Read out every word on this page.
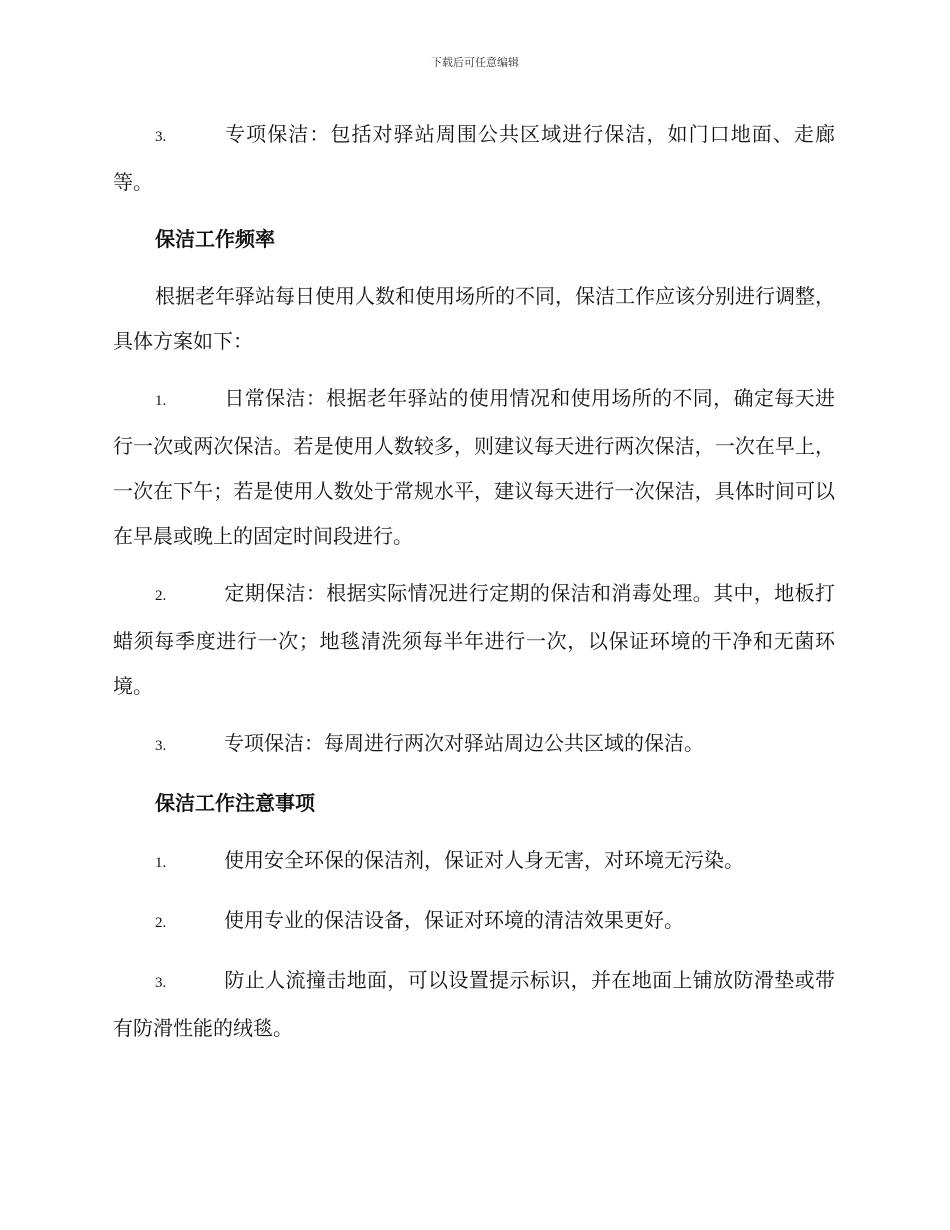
下载后可任意编辑

3.	专项保洁：包括对驿站周围公共区域进行保洁，如门口地面、走廊等。

保洁工作频率

根据老年驿站每日使用人数和使用场所的不同，保洁工作应该分别进行调整，具体方案如下：

1.	日常保洁：根据老年驿站的使用情况和使用场所的不同，确定每天进行一次或两次保洁。若是使用人数较多，则建议每天进行两次保洁，一次在早上，一次在下午；若是使用人数处于常规水平，建议每天进行一次保洁，具体时间可以在早晨或晚上的固定时间段进行。

2.	定期保洁：根据实际情况进行定期的保洁和消毒处理。其中，地板打蜡须每季度进行一次；地毯清洗须每半年进行一次，以保证环境的干净和无菌环境。

3.	专项保洁：每周进行两次对驿站周边公共区域的保洁。

保洁工作注意事项

1.	使用安全环保的保洁剂，保证对人身无害，对环境无污染。

2.	使用专业的保洁设备，保证对环境的清洁效果更好。

3.	防止人流撞击地面，可以设置提示标识，并在地面上铺放防滑垫或带有防滑性能的绒毯。
